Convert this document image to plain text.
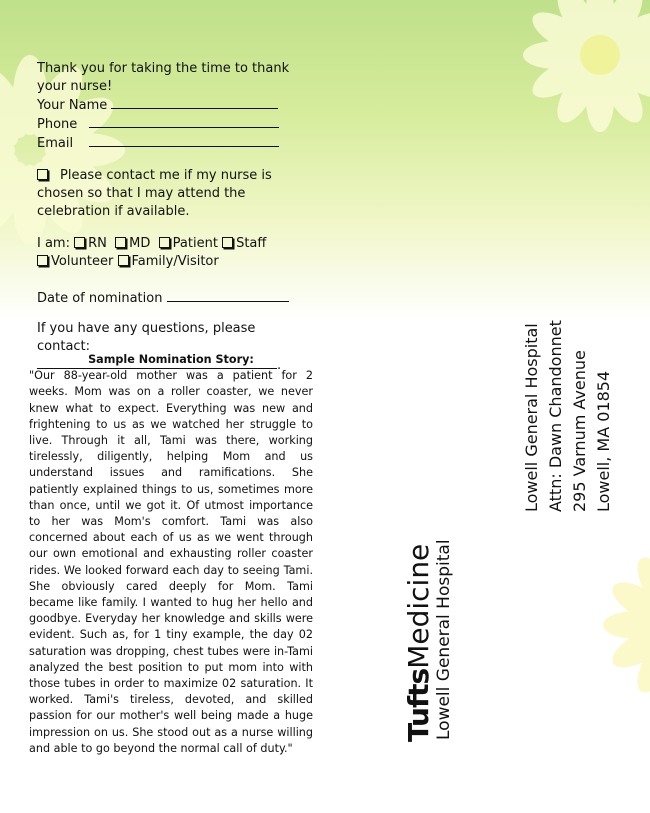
Thank you for taking the time to thank your nurse!

Your Name

Phone

Email

Please contact me if my nurse is chosen so that I may attend the celebration if available.

I am: RN MD Patient Staff
Volunteer Family/Visitor

Date of nomination

If you have any questions, please contact:

.

Sample Nomination Story:
"Our 88-year-old mother was a patient for 2 weeks. Mom was on a roller coaster, we never knew what to expect. Everything was new and frightening to us as we watched her struggle to live. Through it all, Tami was there, working tirelessly, diligently, helping Mom and us understand issues and ramifications. She patiently explained things to us, sometimes more than once, until we got it. Of utmost importance to her was Mom's comfort. Tami was also concerned about each of us as we went through our own emotional and exhausting roller coaster rides. We looked forward each day to seeing Tami. She obviously cared deeply for Mom. Tami became like family. I wanted to hug her hello and goodbye. Everyday her knowledge and skills were evident. Such as, for 1 tiny example, the day 02 saturation was dropping, chest tubes were in-Tami analyzed the best position to put mom into with those tubes in order to maximize 02 saturation. It worked. Tami's tireless, devoted, and skilled passion for our mother's well being made a huge impression on us. She stood out as a nurse willing and able to go beyond the normal call of duty."
Lowell General Hospital Attn: Dawn Chandonnet 295 Varnum Avenue Lowell, MA 01854
TuftsMedicine Lowell General Hospital
